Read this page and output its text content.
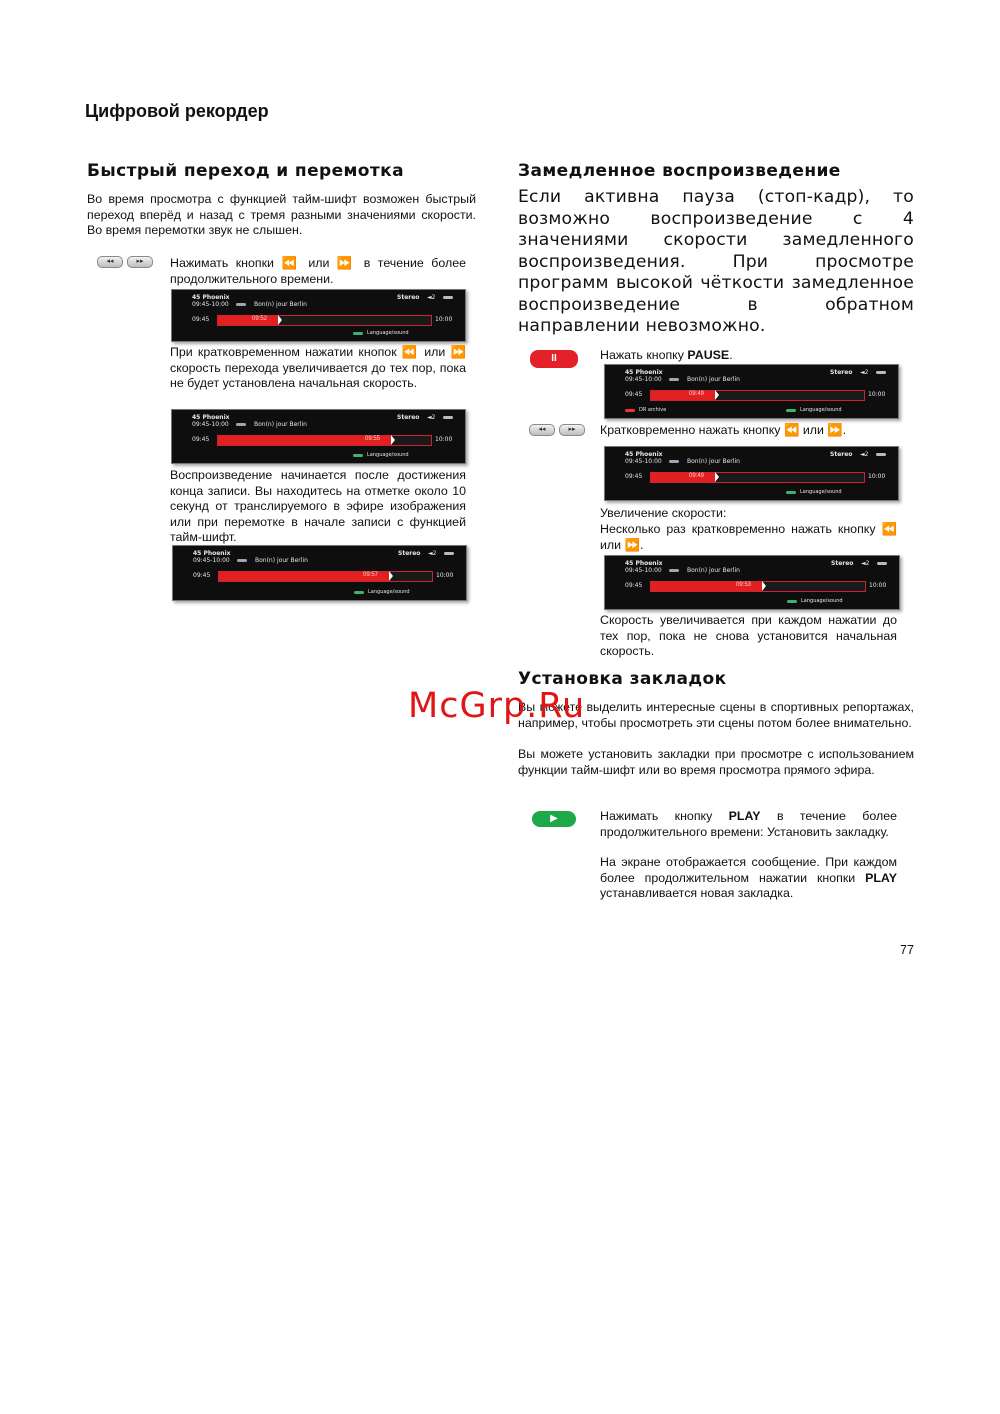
Цифровой рекордер
Быстрый переход и перемотка
Во время просмотра с функцией тайм-шифт возможен быстрый переход вперёд и назад с тремя разными значениями скорости. Во время перемотки звук не слышен.
◂◂	▸▸	Нажимать кнопки ⏪ или ⏩ в течение более продолжительного времени.
45 Phoenix
09:45-10:00	Bon(n) jour Berlin
Stereo ◄2
09:45	10:00
09:52
Language/sound
При кратковременном нажатии кнопок ⏪ или ⏩ скорость перехода увеличивается до тех пор, пока не будет установлена начальная скорость.
45 Phoenix
09:45-10:00	Bon(n) jour Berlin
Stereo ◄2
09:45	10:00
09:55
Language/sound
Воспроизведение начинается после достижения конца записи. Вы находитесь на отметке около 10 секунд от транслируемого в эфире изображения или при перемотке в начале записи с функцией тайм-шифт.
45 Phoenix
09:45-10:00	Bon(n) jour Berlin
Stereo ◄2
09:45	10:00
09:57
Language/sound
Замедленное воспроизведение
Если активна пауза (стоп-кадр), то возможно воспроизведение с 4 значениями скорости замедленного воспроизведения. При просмотре программ высокой чёткости замедленное воспроизведение в обратном направлении невозможно.
II	Нажать кнопку PAUSE.
45 Phoenix
09:45-10:00	Bon(n) jour Berlin
Stereo ◄2
09:45	10:00
09:49
Language/sound
DR archive
◂◂	▸▸	Кратковременно нажать кнопку ⏪ или ⏩.
45 Phoenix
09:45-10:00	Bon(n) jour Berlin
Stereo ◄2
09:45	10:00
09:49
Language/sound
Увеличение скорости:
Несколько раз кратковременно нажать кнопку ⏪ или ⏩.
45 Phoenix
09:45-10:00	Bon(n) jour Berlin
Stereo ◄2
09:45	10:00
09:53
Language/sound
Скорость увеличивается при каждом нажатии до тех пор, пока не снова установится начальная скорость.
Установка закладок
Вы можете выделить интересные сцены в спортивных репортажах, например, чтобы просмотреть эти сцены потом более внимательно.
Вы можете установить закладки при просмотре с использованием функции тайм-шифт или во время просмотра прямого эфира.
▶	Нажимать кнопку PLAY в течение более продолжительного времени: Установить закладку.
На экране отображается сообщение. При каждом более продолжительном нажатии кнопки PLAY устанавливается новая закладка.
77
McGrp.Ru
